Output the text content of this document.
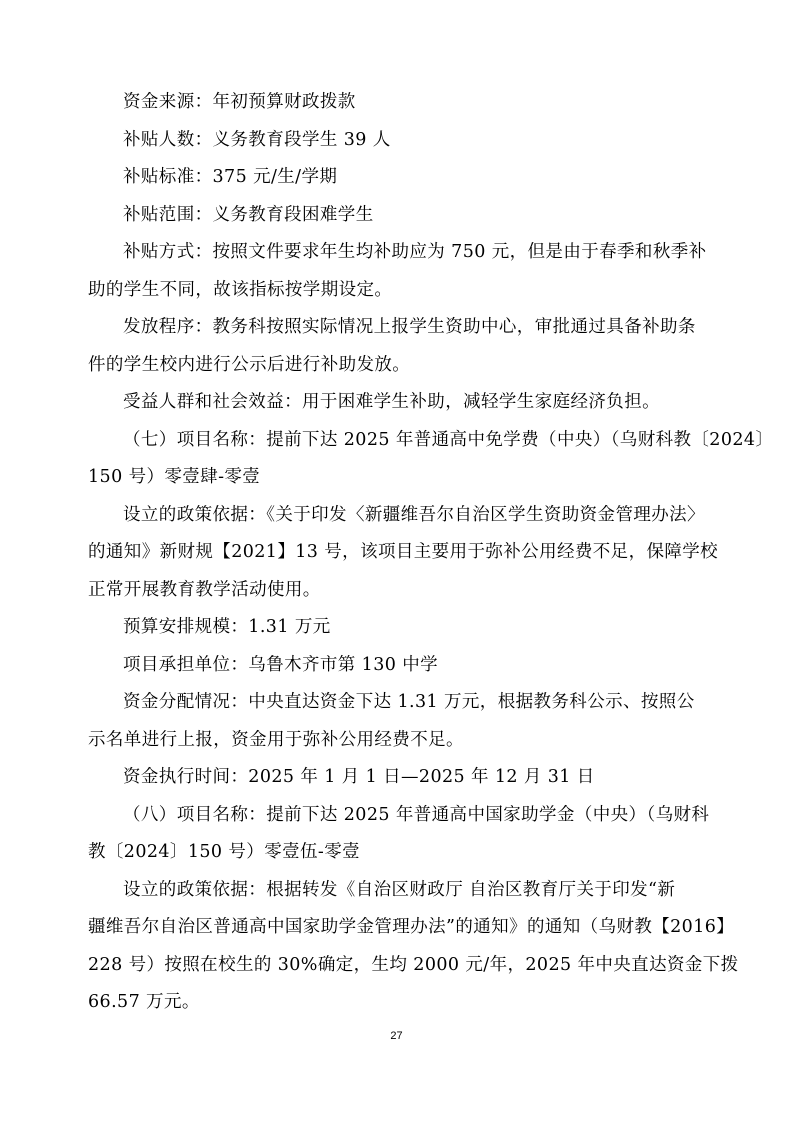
资金来源：年初预算财政拨款

补贴人数：义务教育段学生 39 人

补贴标准：375 元/生/学期

补贴范围：义务教育段困难学生

补贴方式：按照文件要求年生均补助应为 750 元，但是由于春季和秋季补
助的学生不同，故该指标按学期设定。

发放程序：教务科按照实际情况上报学生资助中心，审批通过具备补助条
件的学生校内进行公示后进行补助发放。

受益人群和社会效益：用于困难学生补助，减轻学生家庭经济负担。

（七）项目名称：提前下达 2025 年普通高中免学费（中央）（乌财科教〔2024〕
150 号）零壹肆-零壹

设立的政策依据：《关于印发〈新疆维吾尔自治区学生资助资金管理办法〉
的通知》新财规【2021】13 号，该项目主要用于弥补公用经费不足，保障学校
正常开展教育教学活动使用。

预算安排规模：1.31 万元

项目承担单位：乌鲁木齐市第 130 中学

资金分配情况：中央直达资金下达 1.31 万元，根据教务科公示、按照公
示名单进行上报，资金用于弥补公用经费不足。

资金执行时间：2025 年 1 月 1 日—2025 年 12 月 31 日

（八）项目名称：提前下达 2025 年普通高中国家助学金（中央）（乌财科
教〔2024〕150 号）零壹伍-零壹

设立的政策依据：根据转发《自治区财政厅 自治区教育厅关于印发“新
疆维吾尔自治区普通高中国家助学金管理办法”的通知》的通知（乌财教【2016】
228 号）按照在校生的 30%确定，生均 2000 元/年，2025 年中央直达资金下拨
66.57 万元。

27
